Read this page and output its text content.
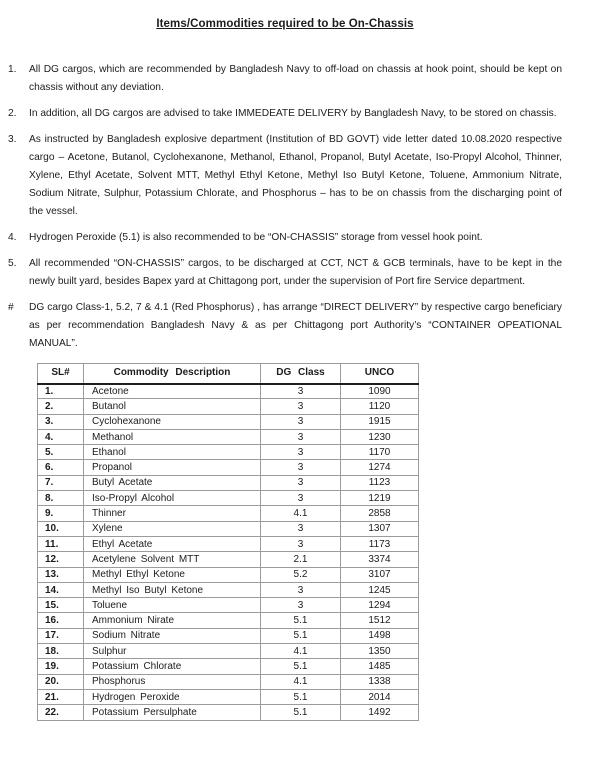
Items/Commodities required to be On-Chassis
1.	All DG cargos, which are recommended by Bangladesh Navy to off-load on chassis at hook point, should be kept on chassis without any deviation.
2.	In addition, all DG cargos are advised to take IMMEDEATE DELIVERY by Bangladesh Navy, to be stored on chassis.
3.	As instructed by Bangladesh explosive department (Institution of BD GOVT) vide letter dated 10.08.2020 respective cargo – Acetone, Butanol, Cyclohexanone, Methanol, Ethanol, Propanol, Butyl Acetate, Iso-Propyl Alcohol, Thinner, Xylene, Ethyl Acetate, Solvent MTT, Methyl Ethyl Ketone, Methyl Iso Butyl Ketone, Toluene, Ammonium Nitrate, Sodium Nitrate, Sulphur, Potassium Chlorate, and Phosphorus – has to be on chassis from the discharging point of the vessel.
4.	Hydrogen Peroxide (5.1) is also recommended to be “ON-CHASSIS” storage from vessel hook point.
5.	All recommended “ON-CHASSIS” cargos, to be discharged at CCT, NCT & GCB terminals, have to be kept in the newly built yard, besides Bapex yard at Chittagong port, under the supervision of Port fire Service department.
#	DG cargo Class-1, 5.2, 7 & 4.1 (Red Phosphorus) , has arrange “DIRECT DELIVERY” by respective cargo beneficiary as per recommendation Bangladesh Navy & as per Chittagong port Authority’s “CONTAINER OPEATIONAL MANUAL”.
SL#	Commodity Description	DG Class	UNCO
1.	Acetone	3	1090
2.	Butanol	3	1120
3.	Cyclohexanone	3	1915
4.	Methanol	3	1230
5.	Ethanol	3	1170
6.	Propanol	3	1274
7.	Butyl Acetate	3	1123
8.	Iso-Propyl Alcohol	3	1219
9.	Thinner	4.1	2858
10.	Xylene	3	1307
11.	Ethyl Acetate	3	1173
12.	Acetylene Solvent MTT	2.1	3374
13.	Methyl Ethyl Ketone	5.2	3107
14.	Methyl Iso Butyl Ketone	3	1245
15.	Toluene	3	1294
16.	Ammonium Nirate	5.1	1512
17.	Sodium Nitrate	5.1	1498
18.	Sulphur	4.1	1350
19.	Potassium Chlorate	5.1	1485
20.	Phosphorus	4.1	1338
21.	Hydrogen Peroxide	5.1	2014
22.	Potassium Persulphate	5.1	1492
